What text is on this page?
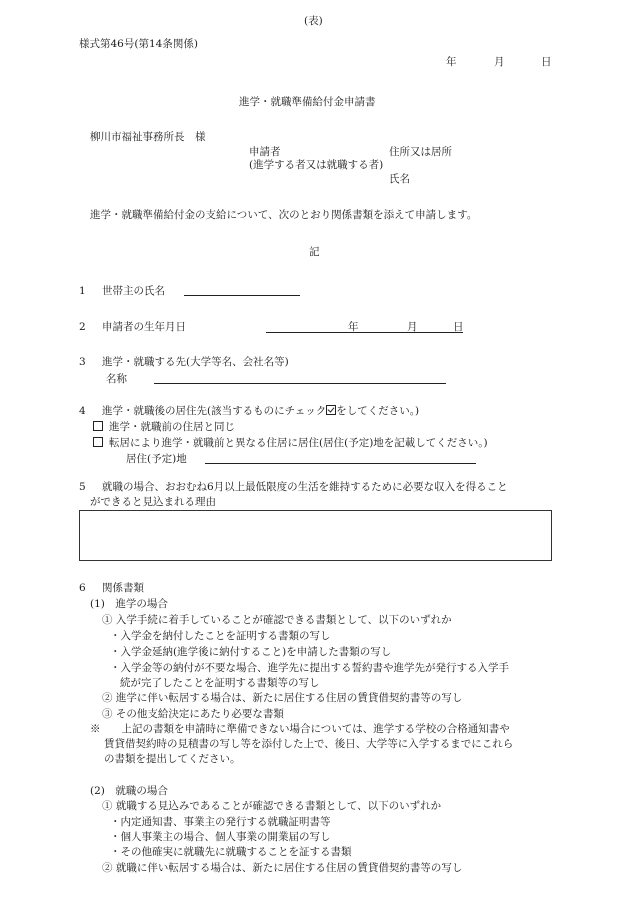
(表)
様式第46号(第14条関係)
年	月	日
進学・就職準備給付金申請書
柳川市福祉事務所長　様
申請者	住所又は居所
(進学する者又は就職する者)
氏名
進学・就職準備給付金の支給について、次のとおり関係書類を添えて申請します。
記
1 世帯主の氏名
2 申請者の生年月日	年	月	日
3 進学・就職する先(大学等名、会社名等)
名称
4 進学・就職後の居住先(該当するものにチェック をしてください。)
進学・就職前の住居と同じ
転居により進学・就職前と異なる住居に居住(居住(予定)地を記載してください。)
居住(予定)地
5 就職の場合、おおむね6月以上最低限度の生活を維持するために必要な収入を得ること
ができると見込まれる理由
6 関係書類
(1)　進学の場合
① 入学手続に着手していることが確認できる書類として、以下のいずれか
・入学金を納付したことを証明する書類の写し
・入学金延納(進学後に納付すること)を申請した書類の写し
・入学金等の納付が不要な場合、進学先に提出する誓約書や進学先が発行する入学手
続が完了したことを証明する書類等の写し
② 進学に伴い転居する場合は、新たに居住する住居の賃貸借契約書等の写し
③ その他支給決定にあたり必要な書類
※　　上記の書類を申請時に準備できない場合については、進学する学校の合格通知書や
賃貸借契約時の見積書の写し等を添付した上で、後日、大学等に入学するまでにこれら
の書類を提出してください。
(2)　就職の場合
① 就職する見込みであることが確認できる書類として、以下のいずれか
・内定通知書、事業主の発行する就職証明書等
・個人事業主の場合、個人事業の開業届の写し
・その他確実に就職先に就職することを証する書類
② 就職に伴い転居する場合は、新たに居住する住居の賃貸借契約書等の写し
